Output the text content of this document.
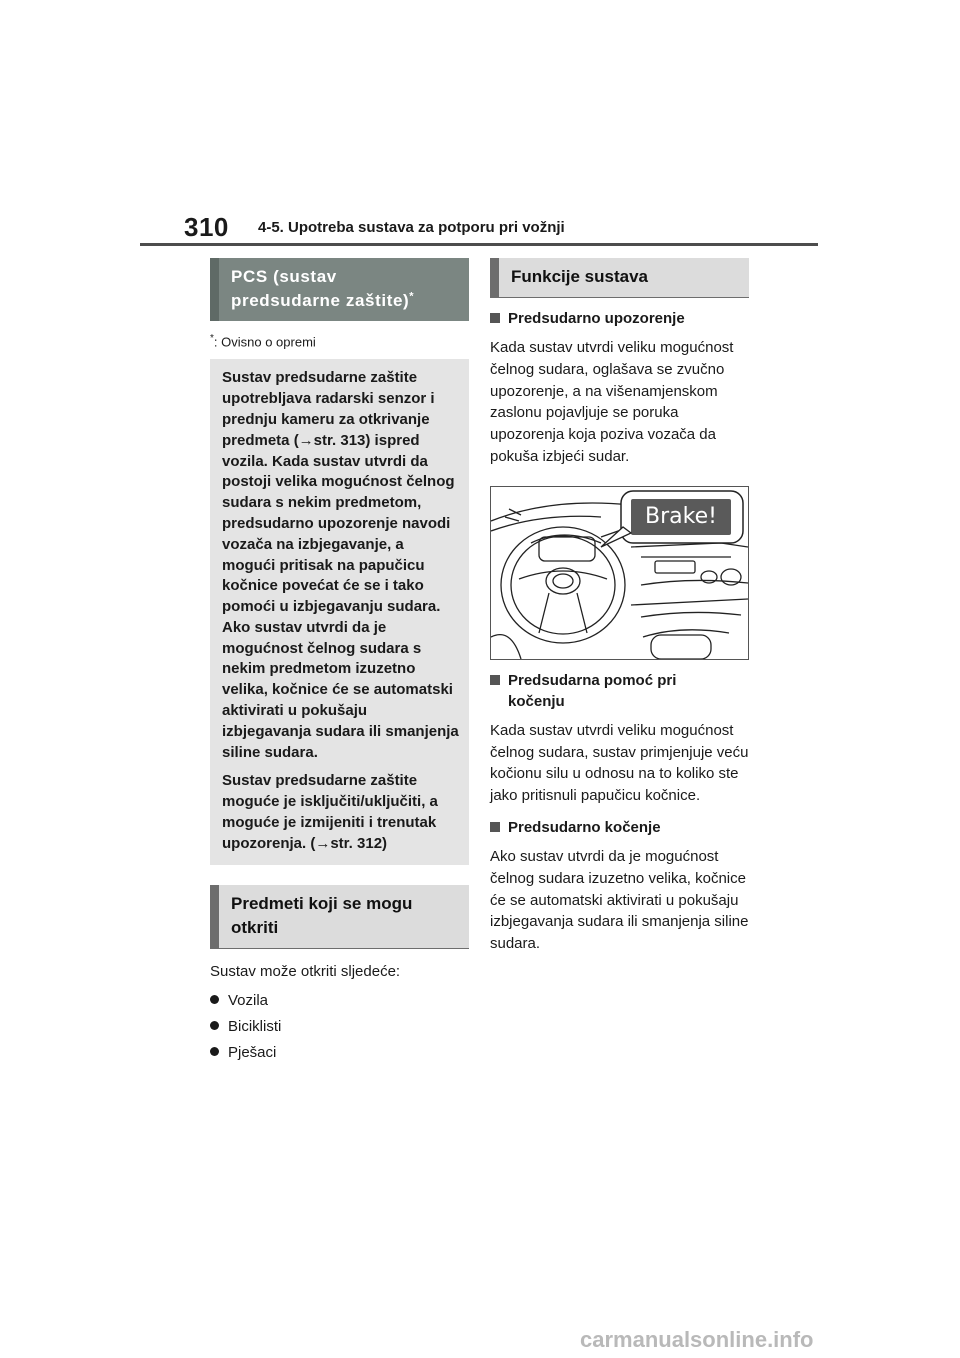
310 4-5. Upotreba sustava za potporu pri vožnji
PCS (sustav
predsudarne zaštite)*
*: Ovisno o opremi

Sustav predsudarne zaštite upotrebljava radarski senzor i prednju kameru za otkrivanje predmeta (→str. 313) ispred vozila. Kada sustav utvrdi da postoji velika mogućnost čelnog sudara s nekim predmetom, predsudarno upozorenje navodi vozača na izbjegavanje, a mogući pritisak na papučicu kočnice povećat će se i tako pomoći u izbjegavanju sudara. Ako sustav utvrdi da je mogućnost čelnog sudara s nekim predmetom izuzetno velika, kočnice će se automatski aktivirati u pokušaju izbjegavanja sudara ili smanjenja siline sudara.

Sustav predsudarne zaštite moguće je isključiti/uključiti, a moguće je izmijeniti i trenutak upozorenja. (→str. 312)

Predmeti koji se mogu otkriti
Sustav može otkriti sljedeće:
Vozila
Biciklisti
Pješaci
Funkcije sustava
Predsudarno upozorenje
Kada sustav utvrdi veliku mogućnost čelnog sudara, oglašava se zvučno upozorenje, a na višenamjenskom zaslonu pojavljuje se poruka upozorenja koja poziva vozača da pokuša izbjeći sudar.
Brake!
Predsudarna pomoć pri kočenju
Kada sustav utvrdi veliku mogućnost čelnog sudara, sustav primjenjuje veću kočionu silu u odnosu na to koliko ste jako pritisnuli papučicu kočnice.
Predsudarno kočenje
Ako sustav utvrdi da je mogućnost čelnog sudara izuzetno velika, kočnice će se automatski aktivirati u pokušaju izbjegavanja sudara ili smanjenja siline sudara.
carmanualsonline.info
